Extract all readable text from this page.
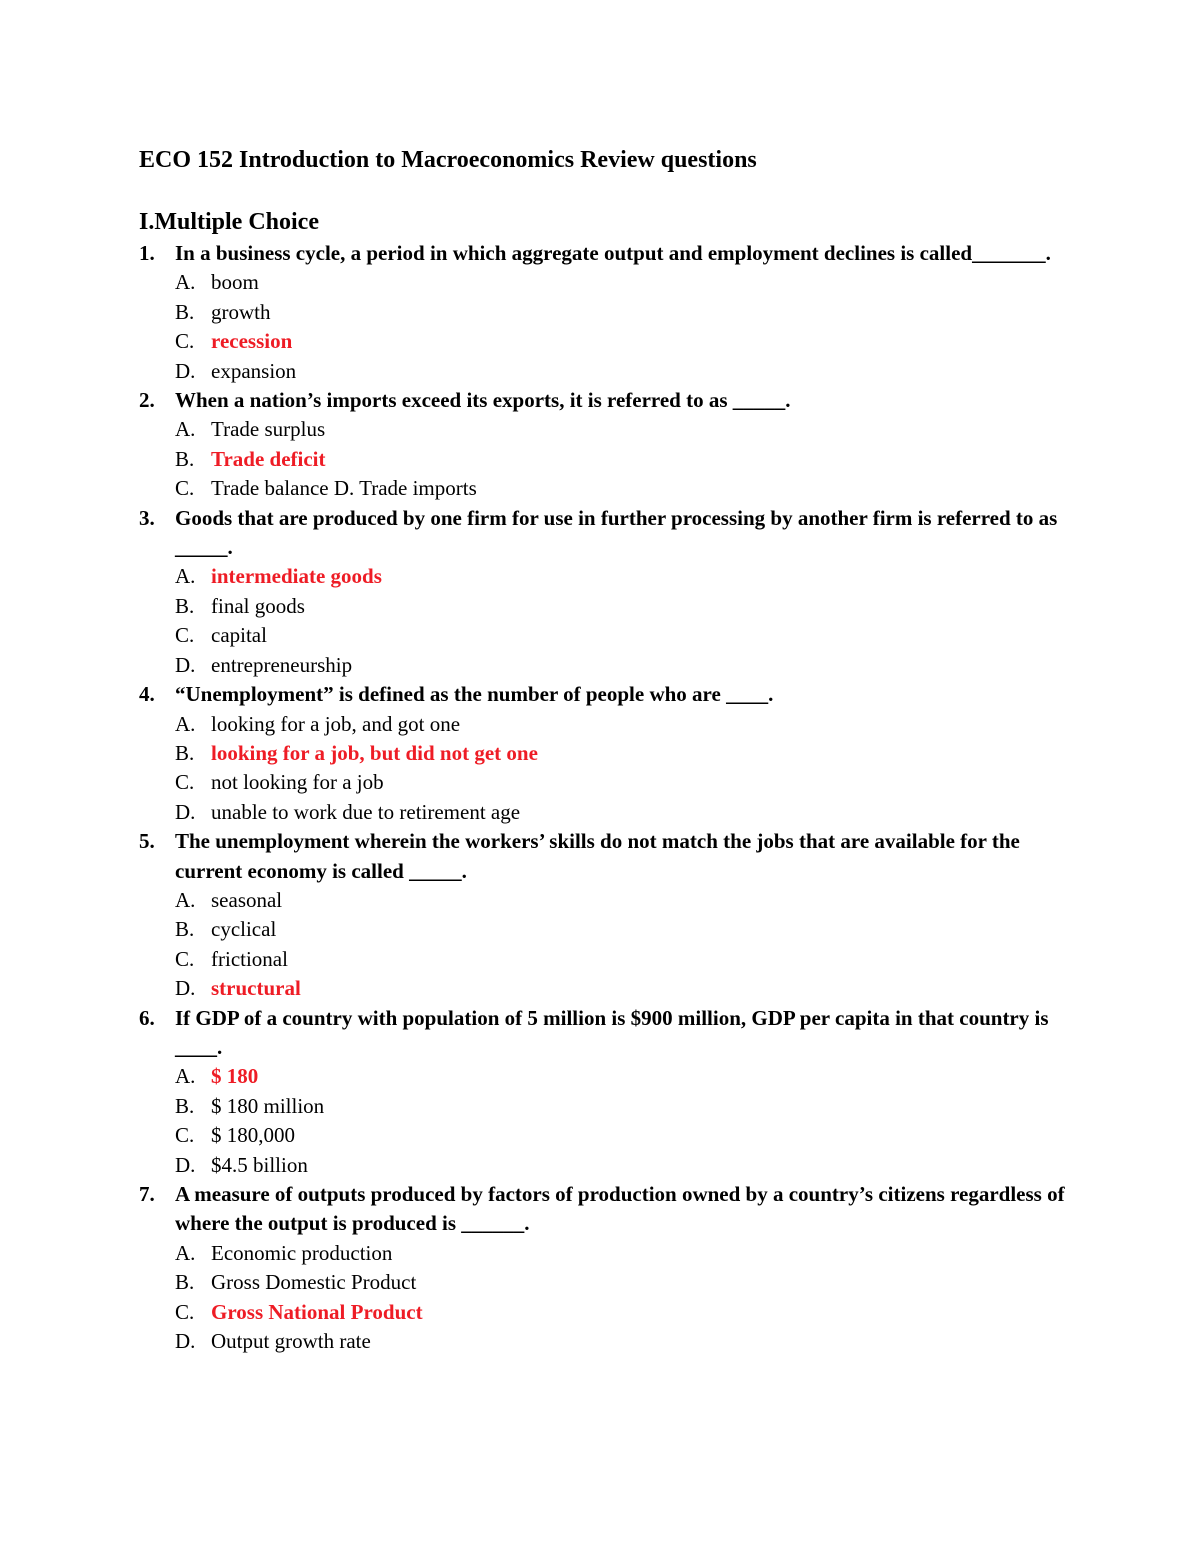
ECO 152 Introduction to Macroeconomics Review questions
I.Multiple Choice
1. In a business cycle, a period in which aggregate output and employment declines is called_______.
A. boom
B. growth
C. recession
D. expansion
2. When a nation’s imports exceed its exports, it is referred to as _____.
A. Trade surplus
B. Trade deficit
C. Trade balance D. Trade imports
3. Goods that are produced by one firm for use in further processing by another firm is referred to as _____.
A. intermediate goods
B. final goods
C. capital
D. entrepreneurship
4. “Unemployment” is defined as the number of people who are ____.
A. looking for a job, and got one
B. looking for a job, but did not get one
C. not looking for a job
D. unable to work due to retirement age
5. The unemployment wherein the workers’ skills do not match the jobs that are available for the current economy is called _____.
A. seasonal
B. cyclical
C. frictional
D. structural
6. If GDP of a country with population of 5 million is $900 million, GDP per capita in that country is ____.
A. $ 180
B. $ 180 million
C. $ 180,000
D. $4.5 billion
7. A measure of outputs produced by factors of production owned by a country’s citizens regardless of where the output is produced is ______.
A. Economic production
B. Gross Domestic Product
C. Gross National Product
D. Output growth rate
